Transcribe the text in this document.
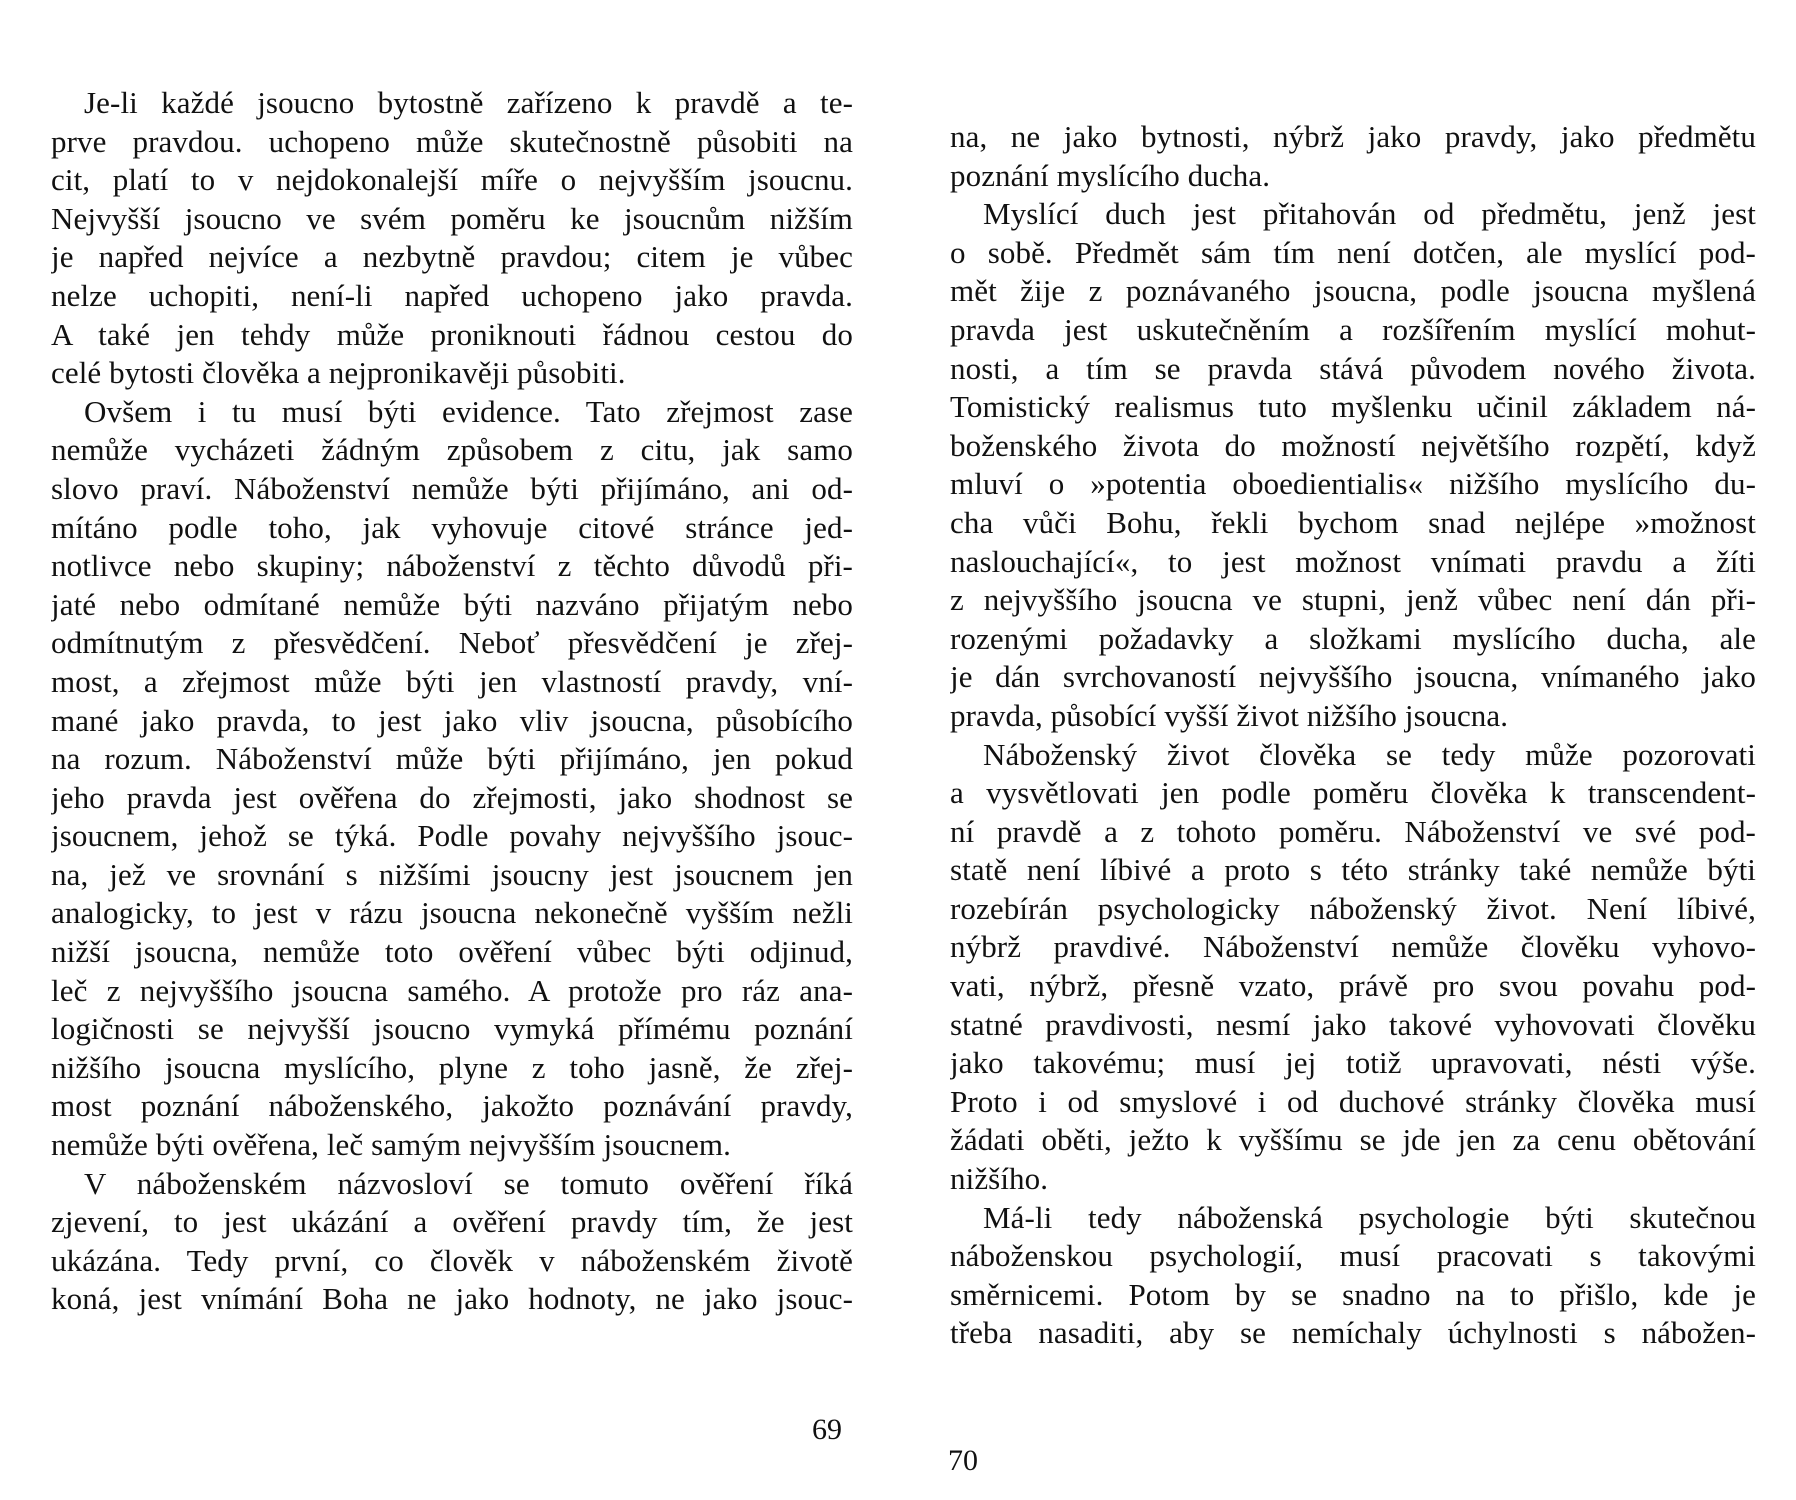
Je-li každé jsoucno bytostně zařízeno k pravdě a te-
prve pravdou. uchopeno může skutečnostně působiti na
cit, platí to v nejdokonalejší míře o nejvyšším jsoucnu.
Nejvyšší jsoucno ve svém poměru ke jsoucnům nižším
je napřed nejvíce a nezbytně pravdou; citem je vůbec
nelze uchopiti, není-li napřed uchopeno jako pravda.
A také jen tehdy může proniknouti řádnou cestou do
celé bytosti člověka a nejpronikavěji působiti.
Ovšem i tu musí býti evidence. Tato zřejmost zase
nemůže vycházeti žádným způsobem z citu, jak samo
slovo praví. Náboženství nemůže býti přijímáno, ani od-
mítáno podle toho, jak vyhovuje citové stránce jed-
notlivce nebo skupiny; náboženství z těchto důvodů při-
jaté nebo odmítané nemůže býti nazváno přijatým nebo
odmítnutým z přesvědčení. Neboť přesvědčení je zřej-
most, a zřejmost může býti jen vlastností pravdy, vní-
mané jako pravda, to jest jako vliv jsoucna, působícího
na rozum. Náboženství může býti přijímáno, jen pokud
jeho pravda jest ověřena do zřejmosti, jako shodnost se
jsoucnem, jehož se týká. Podle povahy nejvyššího jsouc-
na, jež ve srovnání s nižšími jsoucny jest jsoucnem jen
analogicky, to jest v rázu jsoucna nekonečně vyšším nežli
nižší jsoucna, nemůže toto ověření vůbec býti odjinud,
leč z nejvyššího jsoucna samého. A protože pro ráz ana-
logičnosti se nejvyšší jsoucno vymyká přímému poznání
nižšího jsoucna myslícího, plyne z toho jasně, že zřej-
most poznání náboženského, jakožto poznávání pravdy,
nemůže býti ověřena, leč samým nejvyšším jsoucnem.
V náboženském názvosloví se tomuto ověření říká
zjevení, to jest ukázání a ověření pravdy tím, že jest
ukázána. Tedy první, co člověk v náboženském životě
koná, jest vnímání Boha ne jako hodnoty, ne jako jsouc-
69
na, ne jako bytnosti, nýbrž jako pravdy, jako předmětu
poznání myslícího ducha.
Myslící duch jest přitahován od předmětu, jenž jest
o sobě. Předmět sám tím není dotčen, ale myslící pod-
mět žije z poznávaného jsoucna, podle jsoucna myšlená
pravda jest uskutečněním a rozšířením myslící mohut-
nosti, a tím se pravda stává původem nového života.
Tomistický realismus tuto myšlenku učinil základem ná-
boženského života do možností největšího rozpětí, když
mluví o »potentia oboedientialis« nižšího myslícího du-
cha vůči Bohu, řekli bychom snad nejlépe »možnost
naslouchající«, to jest možnost vnímati pravdu a žíti
z nejvyššího jsoucna ve stupni, jenž vůbec není dán při-
rozenými požadavky a složkami myslícího ducha, ale
je dán svrchovaností nejvyššího jsoucna, vnímaného jako
pravda, působící vyšší život nižšího jsoucna.
Náboženský život člověka se tedy může pozorovati
a vysvětlovati jen podle poměru člověka k transcendent-
ní pravdě a z tohoto poměru. Náboženství ve své pod-
statě není líbivé a proto s této stránky také nemůže býti
rozebírán psychologicky náboženský život. Není líbivé,
nýbrž pravdivé. Náboženství nemůže člověku vyhovo-
vati, nýbrž, přesně vzato, právě pro svou povahu pod-
statné pravdivosti, nesmí jako takové vyhovovati člověku
jako takovému; musí jej totiž upravovati, nésti výše.
Proto i od smyslové i od duchové stránky člověka musí
žádati oběti, ježto k vyššímu se jde jen za cenu obětování
nižšího.
Má-li tedy náboženská psychologie býti skutečnou
náboženskou psychologií, musí pracovati s takovými
směrnicemi. Potom by se snadno na to přišlo, kde je
třeba nasaditi, aby se nemíchaly úchylnosti s nábožen-
70
